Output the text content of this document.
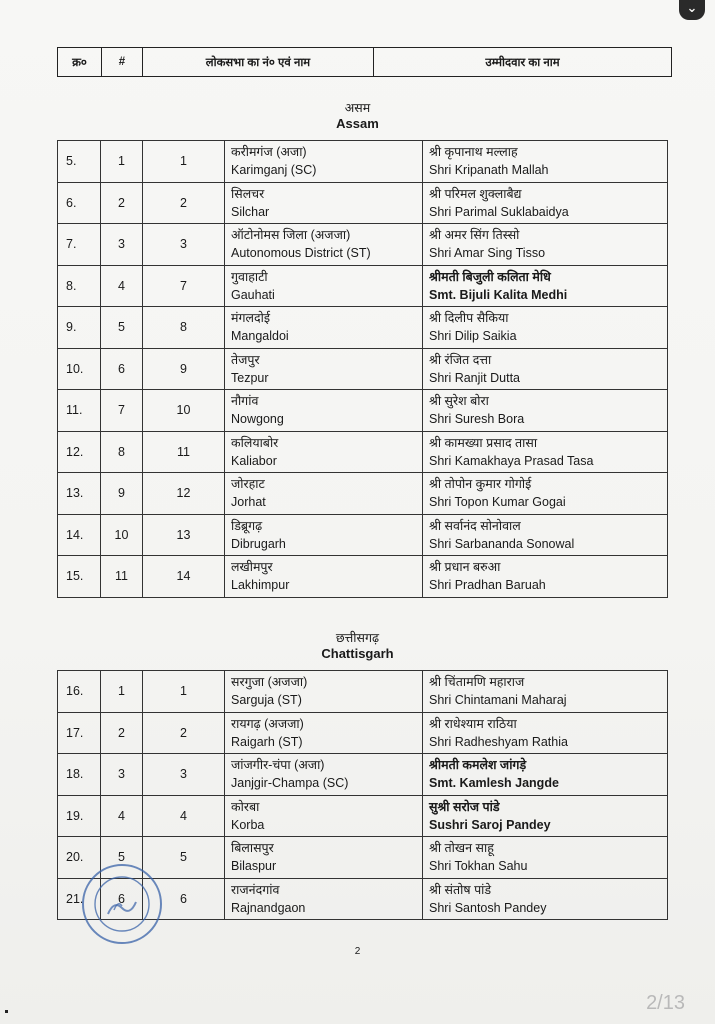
⌄
क्र०	#	लोकसभा का नं० एवं नाम	उम्मीदवार का नाम
असम
Assam
5.	1	1	करीमगंज (अजा)
Karimganj (SC)	श्री कृपानाथ मल्लाह
Shri Kripanath Mallah

6.	2	2	सिलचर
Silchar	श्री परिमल शुक्लाबैद्य
Shri Parimal Suklabaidya

7.	3	3	ऑटोनोमस जिला (अजजा)
Autonomous District (ST)	श्री अमर सिंग तिस्सो
Shri Amar Sing Tisso

8.	4	7	गुवाहाटी
Gauhati	श्रीमती बिजुली कलिता मेधि
Smt. Bijuli Kalita Medhi

9.	5	8	मंगलदोई
Mangaldoi	श्री दिलीप सैकिया
Shri Dilip Saikia

10.	6	9	तेजपुर
Tezpur	श्री रंजित दत्ता
Shri Ranjit Dutta

11.	7	10	नौगांव
Nowgong	श्री सुरेश बोरा
Shri Suresh Bora

12.	8	11	कलियाबोर
Kaliabor	श्री कामख्या प्रसाद तासा
Shri Kamakhaya Prasad Tasa

13.	9	12	जोरहाट
Jorhat	श्री तोपोन कुमार गोगोई
Shri Topon Kumar Gogai

14.	10	13	डिब्रूगढ़
Dibrugarh	श्री सर्वानंद सोनोवाल
Shri Sarbananda Sonowal

15.	11	14	लखीमपुर
Lakhimpur	श्री प्रधान बरुआ
Shri Pradhan Baruah
छत्तीसगढ़
Chattisgarh
16.	1	1	सरगुजा (अजजा)
Sarguja (ST)	श्री चिंतामणि महाराज
Shri Chintamani Maharaj

17.	2	2	रायगढ़ (अजजा)
Raigarh (ST)	श्री राधेश्याम राठिया
Shri Radheshyam Rathia

18.	3	3	जांजगीर-चंपा (अजा)
Janjgir-Champa (SC)	श्रीमती कमलेश जांगड़े
Smt. Kamlesh Jangde

19.	4	4	कोरबा
Korba	सुश्री सरोज पांडे
Sushri Saroj Pandey

20.	5	5	बिलासपुर
Bilaspur	श्री तोखन साहू
Shri Tokhan Sahu

21.	6	6	राजनंदगांव
Rajnandgaon	श्री संतोष पांडे
Shri Santosh Pandey
2
2/13
